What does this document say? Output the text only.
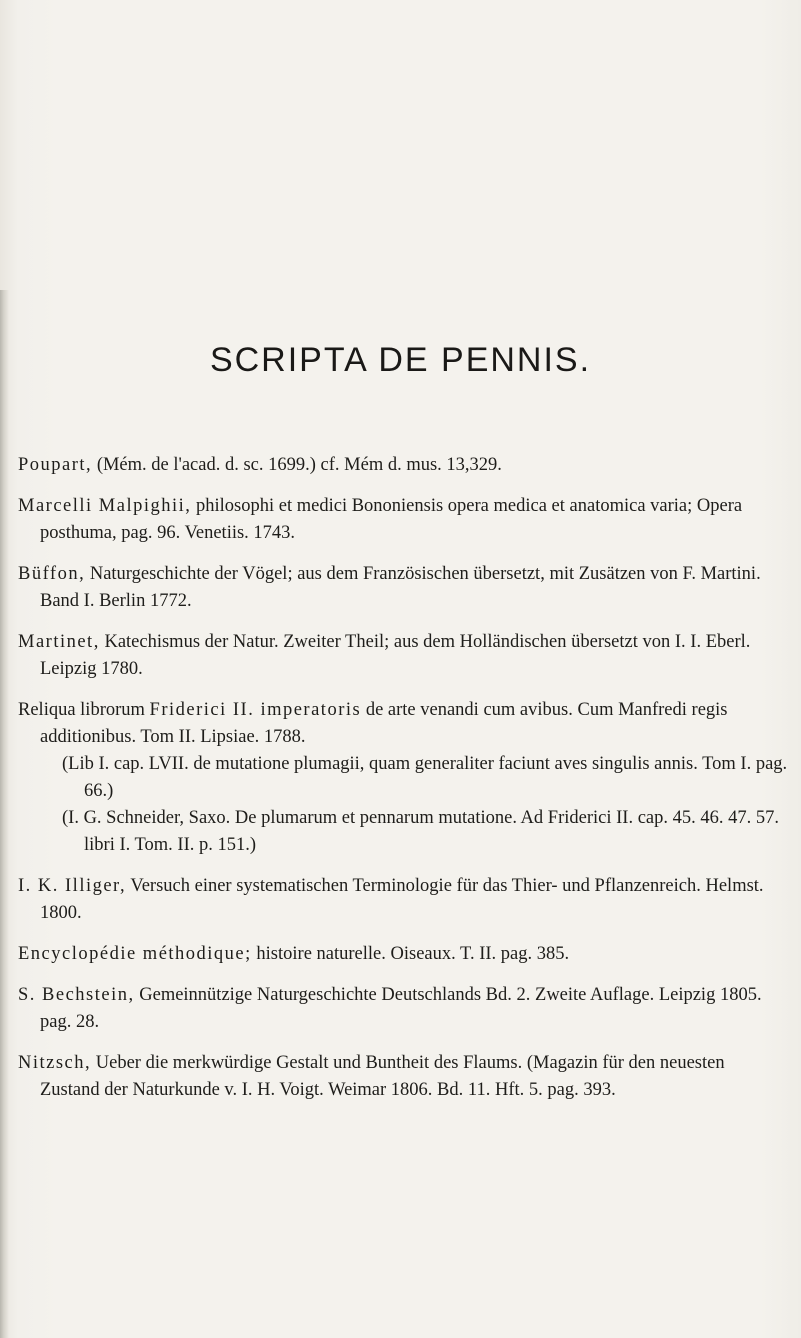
SCRIPTA DE PENNIS.
Poupart, (Mém. de l'acad. d. sc. 1699.) cf. Mém d. mus. 13,329.
Marcelli Malpighii, philosophi et medici Bononiensis opera medica et anatomica varia; Opera posthuma, pag. 96. Venetiis. 1743.
Büffon, Naturgeschichte der Vögel; aus dem Französischen übersetzt, mit Zusätzen von F. Martini. Band I. Berlin 1772.
Martinet, Katechismus der Natur. Zweiter Theil; aus dem Holländischen übersetzt von I. I. Eberl. Leipzig 1780.
Reliqua librorum Friderici II. imperatoris de arte venandi cum avibus. Cum Manfredi regis additionibus. Tom II. Lipsiae. 1788.

(Lib I. cap. LVII. de mutatione plumagii, quam generaliter faciunt aves singulis annis. Tom I. pag. 66.)

(I. G. Schneider, Saxo. De plumarum et pennarum mutatione. Ad Friderici II. cap. 45. 46. 47. 57. libri I. Tom. II. p. 151.)

I. K. Illiger, Versuch einer systematischen Terminologie für das Thier- und Pflanzenreich. Helmst. 1800.
Encyclopédie méthodique; histoire naturelle. Oiseaux. T. II. pag. 385.
S. Bechstein, Gemeinnützige Naturgeschichte Deutschlands Bd. 2. Zweite Auflage. Leipzig 1805. pag. 28.
Nitzsch, Ueber die merkwürdige Gestalt und Buntheit des Flaums. (Magazin für den neuesten Zustand der Naturkunde v. I. H. Voigt. Weimar 1806. Bd. 11. Hft. 5. pag. 393.
